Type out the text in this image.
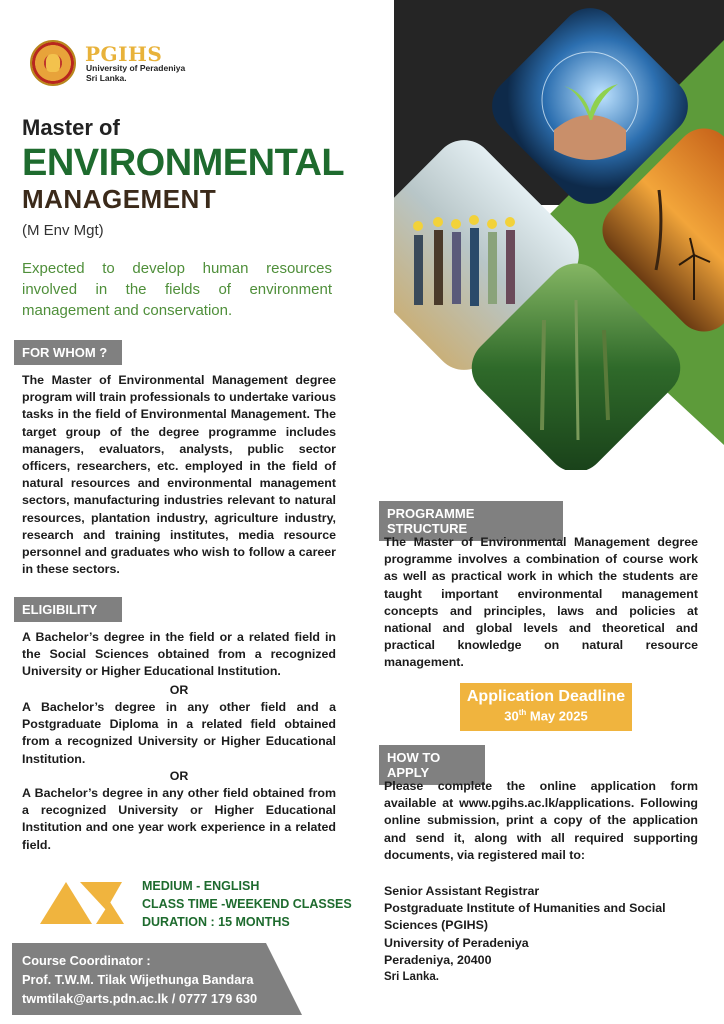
PGIHS
University of Peradeniya
Sri Lanka.
Master of
ENVIRONMENTAL
MANAGEMENT
(M Env Mgt)
Expected to develop human resources involved in the fields of environment management and conservation.
FOR WHOM ?
The Master of Environmental Management degree program will train professionals to undertake various tasks in the field of Environmental Management. The target group of the degree programme includes managers, evaluators, analysts, public sector officers, researchers, etc. employed in the field of natural resources and environmental management sectors, manufacturing industries relevant to natural resources, plantation industry, agriculture industry, research and training institutes, media resource personnel and graduates who wish to follow a career in these sectors.
ELIGIBILITY
A Bachelor’s degree in the field or a related field in the Social Sciences obtained from a recognized University or Higher Educational Institution.
OR
A Bachelor’s degree in any other field and a Postgraduate Diploma in a related field obtained from a recognized University or Higher Educational Institution.
OR
A Bachelor’s degree in any other field obtained from a recognized University or Higher Educational Institution and one year work experience in a related field.
PROGRAMME STRUCTURE
The Master of Environmental Management degree programme involves a combination of course work as well as practical work in which the students are taught important environmental management concepts and principles, laws and policies at national and global levels and theoretical and practical knowledge on natural resource management.
Application Deadline
30th May 2025
HOW TO APPLY
Please complete the online application form available at www.pgihs.ac.lk/applications. Following online submission, print a copy of the application and send it, along with all required supporting documents, via registered mail to:
Senior Assistant Registrar
Postgraduate Institute of Humanities and Social Sciences (PGIHS)
University of Peradeniya
Peradeniya, 20400
Sri Lanka.
MEDIUM - ENGLISH
CLASS TIME -WEEKEND CLASSES
DURATION : 15 MONTHS
Course Coordinator :
Prof. T.W.M. Tilak Wijethunga Bandara
twmtilak@arts.pdn.ac.lk / 0777 179 630
